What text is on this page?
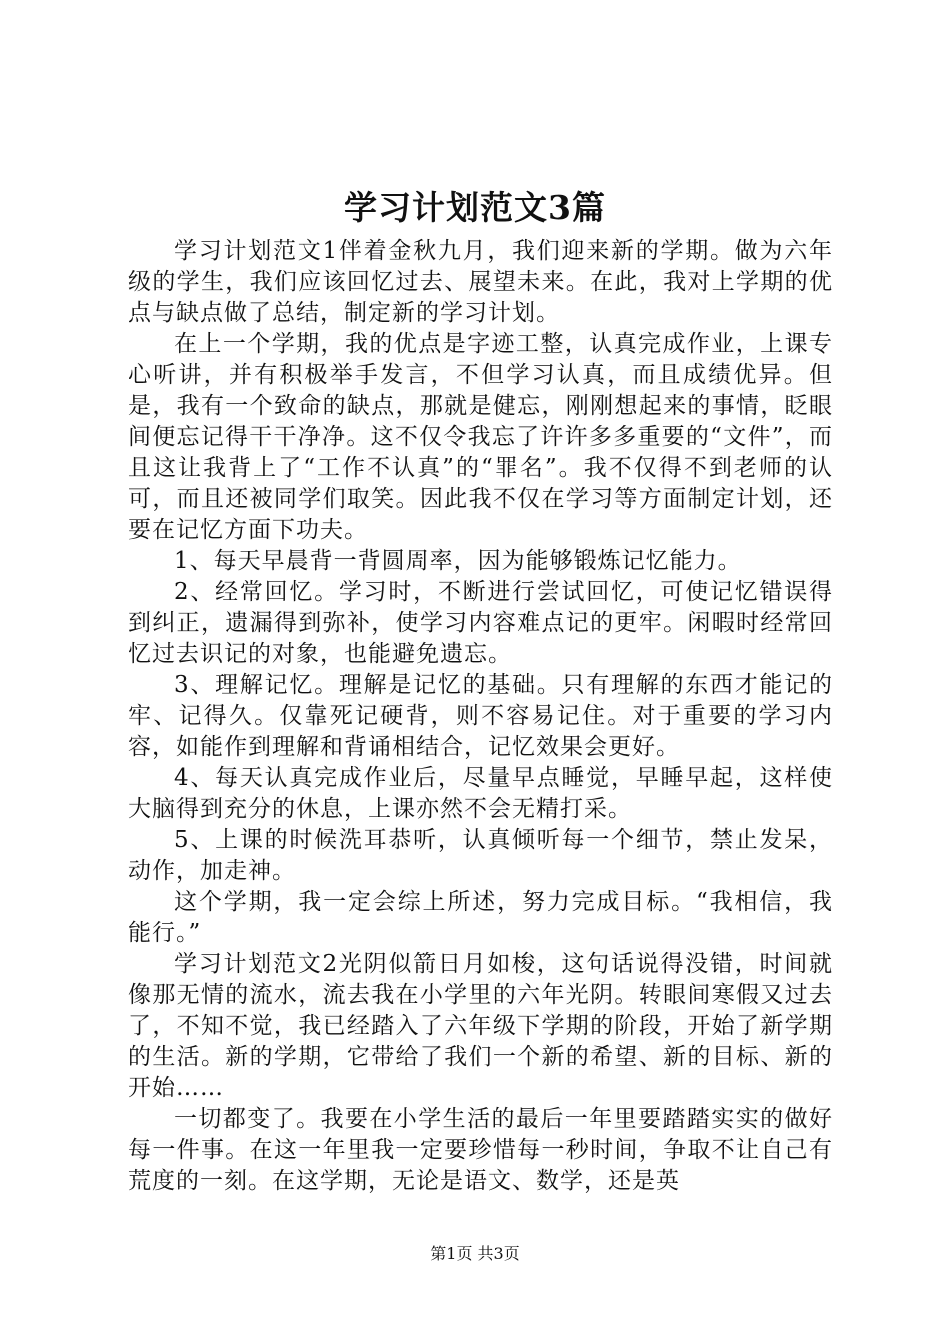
学习计划范文3篇

学习计划范文1伴着金秋九月，我们迎来新的学期。做为六年级的学生，我们应该回忆过去、展望未来。在此，我对上学期的优点与缺点做了总结，制定新的学习计划。

在上一个学期，我的优点是字迹工整，认真完成作业，上课专心听讲，并有积极举手发言，不但学习认真，而且成绩优异。但是，我有一个致命的缺点，那就是健忘，刚刚想起来的事情，眨眼间便忘记得干干净净。这不仅令我忘了许许多多重要的“文件”，而且这让我背上了“工作不认真”的“罪名”。我不仅得不到老师的认可，而且还被同学们取笑。因此我不仅在学习等方面制定计划，还要在记忆方面下功夫。

1、每天早晨背一背圆周率，因为能够锻炼记忆能力。

2、经常回忆。学习时，不断进行尝试回忆，可使记忆错误得到纠正，遗漏得到弥补，使学习内容难点记的更牢。闲暇时经常回忆过去识记的对象，也能避免遗忘。

3、理解记忆。理解是记忆的基础。只有理解的东西才能记的牢、记得久。仅靠死记硬背，则不容易记住。对于重要的学习内容，如能作到理解和背诵相结合，记忆效果会更好。

4、每天认真完成作业后，尽量早点睡觉，早睡早起，这样使大脑得到充分的休息，上课亦然不会无精打采。

5、上课的时候洗耳恭听，认真倾听每一个细节，禁止发呆，动作，加走神。

这个学期，我一定会综上所述，努力完成目标。“我相信，我能行。”

学习计划范文2光阴似箭日月如梭，这句话说得没错，时间就像那无情的流水，流去我在小学里的六年光阴。转眼间寒假又过去了，不知不觉，我已经踏入了六年级下学期的阶段，开始了新学期的生活。新的学期，它带给了我们一个新的希望、新的目标、新的开始……

一切都变了。我要在小学生活的最后一年里要踏踏实实的做好每一件事。在这一年里我一定要珍惜每一秒时间，争取不让自己有荒度的一刻。在这学期，无论是语文、数学，还是英

第1页 共3页
